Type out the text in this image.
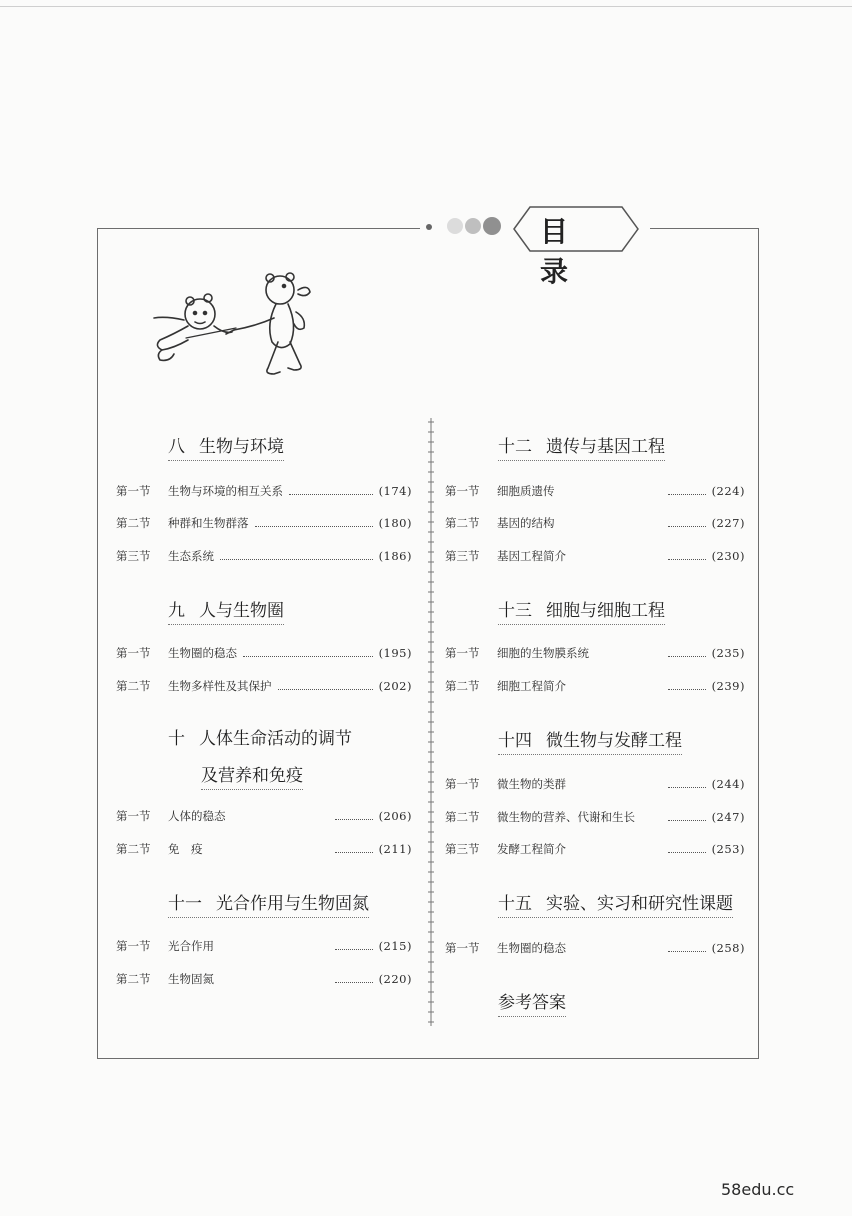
目录
八 生物与环境
第一节	生物与环境的相互关系	(174)
第二节	种群和生物群落	(180)
第三节	生态系统	(186)
九 人与生物圈
第一节	生物圈的稳态	(195)
第二节	生物多样性及其保护	(202)
十 人体生命活动的调节
及营养和免疫
第一节	人体的稳态	(206)
第二节	免　疫	(211)
十一 光合作用与生物固氮
第一节	光合作用	(215)
第二节	生物固氮	(220)
十二 遗传与基因工程
第一节	细胞质遗传	(224)
第二节	基因的结构	(227)
第三节	基因工程简介	(230)
十三 细胞与细胞工程
第一节	细胞的生物膜系统	(235)
第二节	细胞工程简介	(239)
十四 微生物与发酵工程
第一节	微生物的类群	(244)
第二节	微生物的营养、代谢和生长	(247)
第三节	发酵工程简介	(253)
十五 实验、实习和研究性课题
第一节	生物圈的稳态	(258)
参考答案
58edu.cc
